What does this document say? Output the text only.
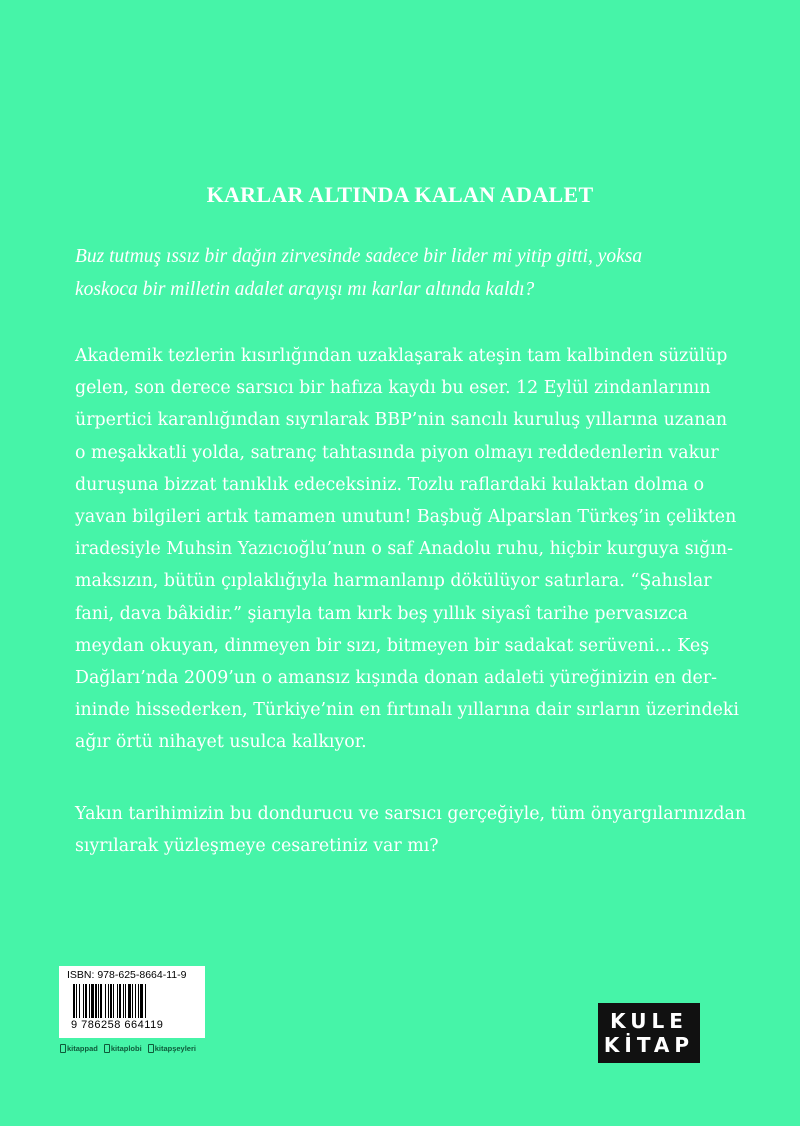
KARLAR ALTINDA KALAN ADALET
Buz tutmuş ıssız bir dağın zirvesinde sadece bir lider mi yitip gitti, yoksa
koskoca bir milletin adalet arayışı mı karlar altında kaldı?
Akademik tezlerin kısırlığından uzaklaşarak ateşin tam kalbinden süzülüp
gelen, son derece sarsıcı bir hafıza kaydı bu eser. 12 Eylül zindanlarının
ürpertici karanlığından sıyrılarak BBP’nin sancılı kuruluş yıllarına uzanan
o meşakkatli yolda, satranç tahtasında piyon olmayı reddedenlerin vakur
duruşuna bizzat tanıklık edeceksiniz. Tozlu raflardaki kulaktan dolma o
yavan bilgileri artık tamamen unutun! Başbuğ Alparslan Türkeş’in çelikten
iradesiyle Muhsin Yazıcıoğlu’nun o saf Anadolu ruhu, hiçbir kurguya sığın-
maksızın, bütün çıplaklığıyla harmanlanıp dökülüyor satırlara. “Şahıslar
fani, dava bâkidir.” şiarıyla tam kırk beş yıllık siyasî tarihe pervasızca
meydan okuyan, dinmeyen bir sızı, bitmeyen bir sadakat serüveni… Keş
Dağları’nda 2009’un o amansız kışında donan adaleti yüreğinizin en der-
ininde hissederken, Türkiye’nin en fırtınalı yıllarına dair sırların üzerindeki
ağır örtü nihayet usulca kalkıyor.
Yakın tarihimizin bu dondurucu ve sarsıcı gerçeğiyle, tüm önyargılarınızdan
sıyrılarak yüzleşmeye cesaretiniz var mı?
ISBN: 978-625-8664-11-9
9 786258 664119
kitappad kitaplobi kitapşeyleri
KULE
KİTAP
